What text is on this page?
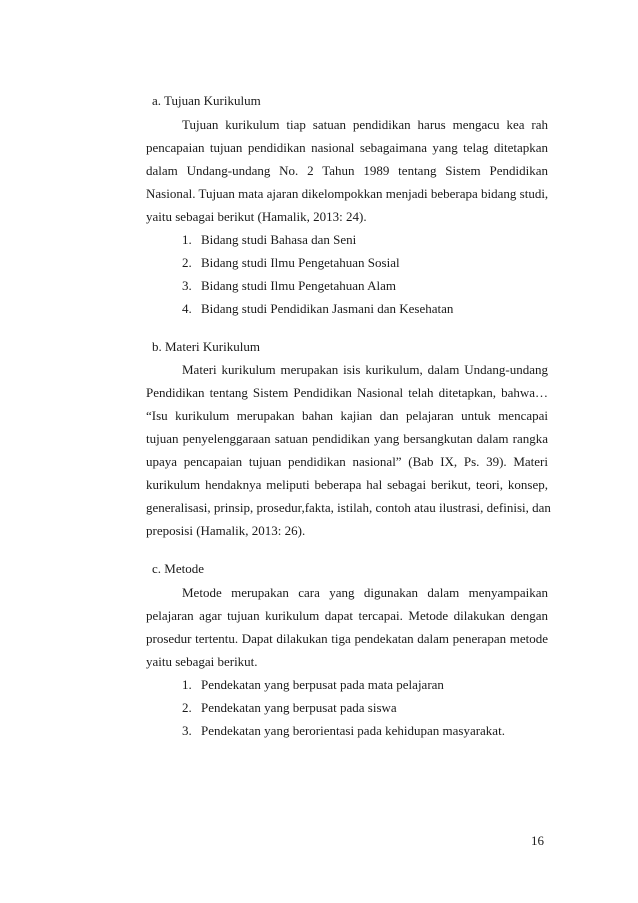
a. Tujuan Kurikulum
Tujuan kurikulum tiap satuan pendidikan harus mengacu kea rah
pencapaian tujuan pendidikan nasional sebagaimana yang telag ditetapkan
dalam Undang-undang No. 2 Tahun 1989 tentang Sistem Pendidikan
Nasional. Tujuan mata ajaran dikelompokkan menjadi beberapa bidang studi,
yaitu sebagai berikut (Hamalik, 2013: 24).
1. Bidang studi Bahasa dan Seni
2. Bidang studi Ilmu Pengetahuan Sosial
3. Bidang studi Ilmu Pengetahuan Alam
4. Bidang studi Pendidikan Jasmani dan Kesehatan
b. Materi Kurikulum
Materi kurikulum merupakan isis kurikulum, dalam Undang-undang
Pendidikan tentang Sistem Pendidikan Nasional telah ditetapkan, bahwa…
“Isu kurikulum merupakan bahan kajian dan pelajaran untuk mencapai
tujuan penyelenggaraan satuan pendidikan yang bersangkutan dalam rangka
upaya pencapaian tujuan pendidikan nasional” (Bab IX, Ps. 39). Materi
kurikulum hendaknya meliputi beberapa hal sebagai berikut, teori, konsep,
generalisasi, prinsip, prosedur,fakta, istilah, contoh atau ilustrasi, definisi, dan
preposisi (Hamalik, 2013: 26).
c. Metode
Metode merupakan cara yang digunakan dalam menyampaikan
pelajaran agar tujuan kurikulum dapat tercapai. Metode dilakukan dengan
prosedur tertentu. Dapat dilakukan tiga pendekatan dalam penerapan metode
yaitu sebagai berikut.
1. Pendekatan yang berpusat pada mata pelajaran
2. Pendekatan yang berpusat pada siswa
3. Pendekatan yang berorientasi pada kehidupan masyarakat.
16
